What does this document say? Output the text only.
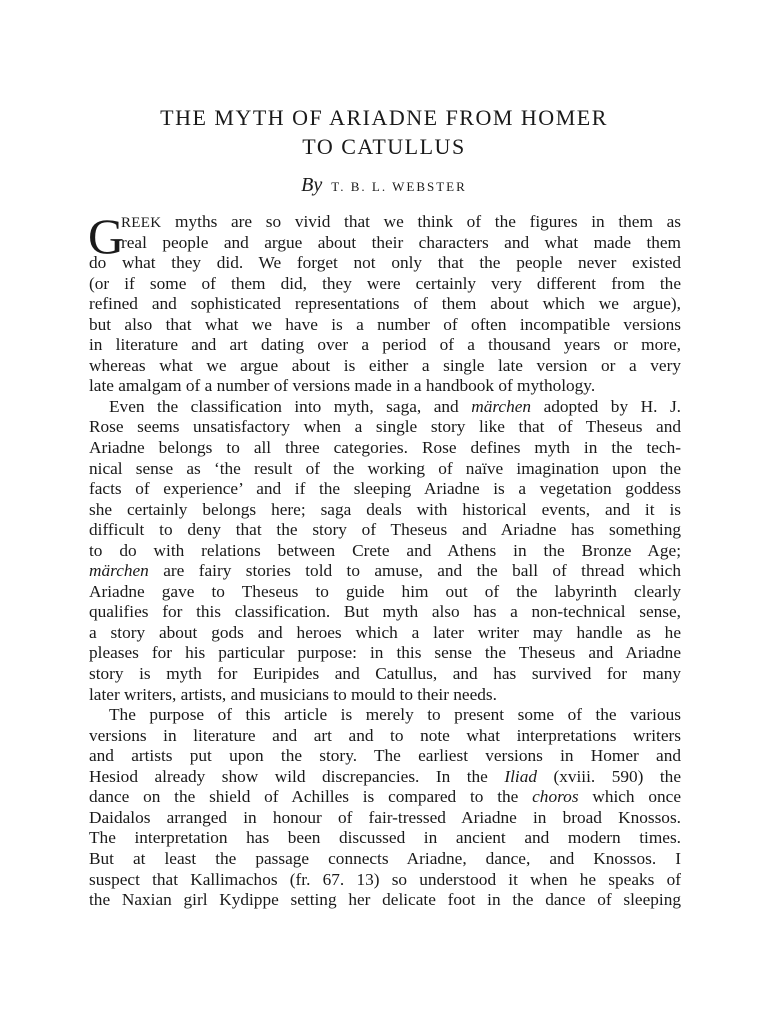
THE MYTH OF ARIADNE FROM HOMER
TO CATULLUS
By T. B. L. WEBSTER
G
REEK myths are so vivid that we think of the figures in them as
real people and argue about their characters and what made them
do what they did. We forget not only that the people never existed
(or if some of them did, they were certainly very different from the
refined and sophisticated representations of them about which we argue),
but also that what we have is a number of often incompatible versions
in literature and art dating over a period of a thousand years or more,
whereas what we argue about is either a single late version or a very
late amalgam of a number of versions made in a handbook of mythology.
Even the classification into myth, saga, and märchen adopted by H. J.
Rose seems unsatisfactory when a single story like that of Theseus and
Ariadne belongs to all three categories. Rose defines myth in the tech-
nical sense as ‘the result of the working of naïve imagination upon the
facts of experience’ and if the sleeping Ariadne is a vegetation goddess
she certainly belongs here; saga deals with historical events, and it is
difficult to deny that the story of Theseus and Ariadne has something
to do with relations between Crete and Athens in the Bronze Age;
märchen are fairy stories told to amuse, and the ball of thread which
Ariadne gave to Theseus to guide him out of the labyrinth clearly
qualifies for this classification. But myth also has a non-technical sense,
a story about gods and heroes which a later writer may handle as he
pleases for his particular purpose: in this sense the Theseus and Ariadne
story is myth for Euripides and Catullus, and has survived for many
later writers, artists, and musicians to mould to their needs.
The purpose of this article is merely to present some of the various
versions in literature and art and to note what interpretations writers
and artists put upon the story. The earliest versions in Homer and
Hesiod already show wild discrepancies. In the Iliad (xviii. 590) the
dance on the shield of Achilles is compared to the choros which once
Daidalos arranged in honour of fair-tressed Ariadne in broad Knossos.
The interpretation has been discussed in ancient and modern times.
But at least the passage connects Ariadne, dance, and Knossos. I
suspect that Kallimachos (fr. 67. 13) so understood it when he speaks of
the Naxian girl Kydippe setting her delicate foot in the dance of sleeping
